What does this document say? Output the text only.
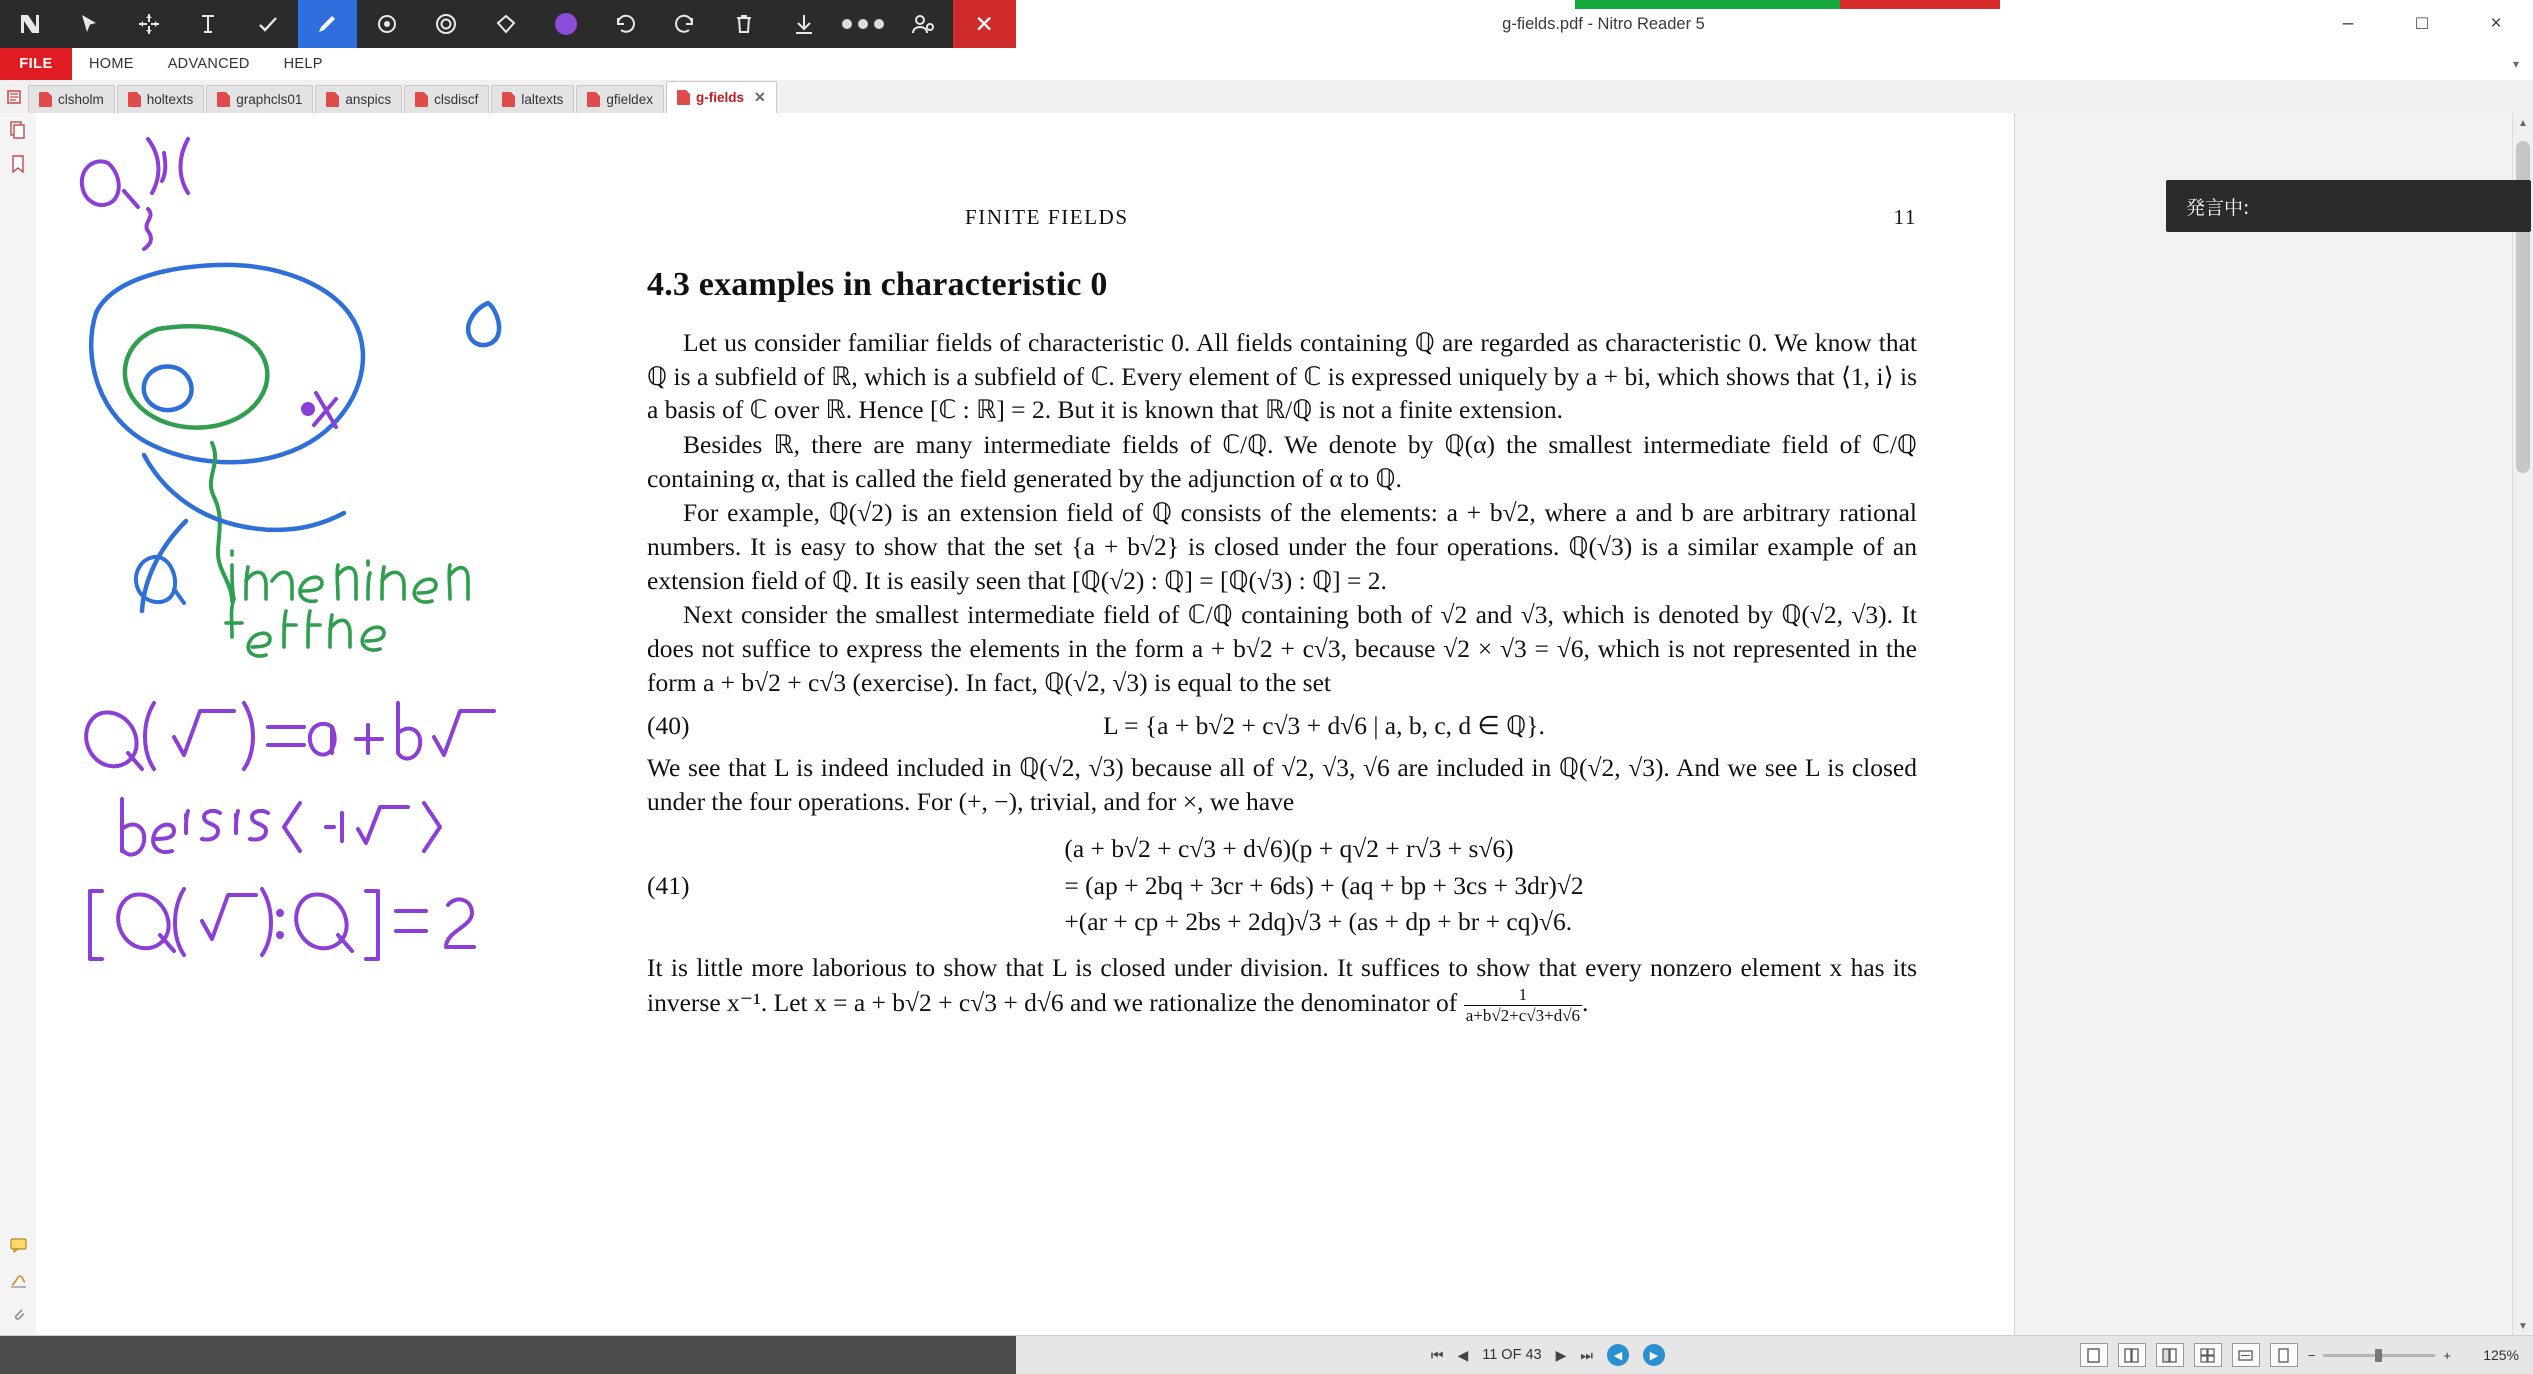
g-fields.pdf - Nitro Reader 5	–	□	×
✕
FILE	HOME	ADVANCED	HELP	▾
clsholm	holtexts	graphcls01	anspics	clsdiscf	laltexts	gfieldex	g-fields ✕
FINITE FIELDS	11
4.3 examples in characteristic 0

Let us consider familiar fields of characteristic 0. All fields containing ℚ are regarded as characteristic 0. We know that ℚ is a subfield of ℝ, which is a subfield of ℂ. Every element of ℂ is expressed uniquely by a + bi, which shows that ⟨1, i⟩ is a basis of ℂ over ℝ. Hence [ℂ : ℝ] = 2. But it is known that ℝ/ℚ is not a finite extension.

Besides ℝ, there are many intermediate fields of ℂ/ℚ. We denote by ℚ(α) the smallest intermediate field of ℂ/ℚ containing α, that is called the field generated by the adjunction of α to ℚ.

For example, ℚ(√2) is an extension field of ℚ consists of the elements: a + b√2, where a and b are arbitrary rational numbers. It is easy to show that the set {a + b√2} is closed under the four operations. ℚ(√3) is a similar example of an extension field of ℚ. It is easily seen that [ℚ(√2) : ℚ] = [ℚ(√3) : ℚ] = 2.

Next consider the smallest intermediate field of ℂ/ℚ containing both of √2 and √3, which is denoted by ℚ(√2, √3). It does not suffice to express the elements in the form a + b√2 + c√3, because √2 × √3 = √6, which is not represented in the form a + b√2 + c√3 (exercise). In fact, ℚ(√2, √3) is equal to the set

(40)	L = {a + b√2 + c√3 + d√6 | a, b, c, d ∈ ℚ}.

We see that L is indeed included in ℚ(√2, √3) because all of √2, √3, √6 are included in ℚ(√2, √3). And we see L is closed under the four operations. For (+, −), trivial, and for ×, we have

(41)
(a + b√2 + c√3 + d√6)(p + q√2 + r√3 + s√6)
= (ap + 2bq + 3cr + 6ds) + (aq + bp + 3cs + 3dr)√2
+(ar + cp + 2bs + 2dq)√3 + (as + dp + br + cq)√6.

It is little more laborious to show that L is closed under division. It suffices to show that every nonzero element x has its inverse x⁻¹. Let x = a + b√2 + c√3 + d√6 and we rationalize the denominator of $\frac{1}{a+b√2+c√3+d√6}$ .

▲
▼
発言中:
⏮ ◀ 11 OF 43 ▶ ⏭	◀	▶	−	+	125%
